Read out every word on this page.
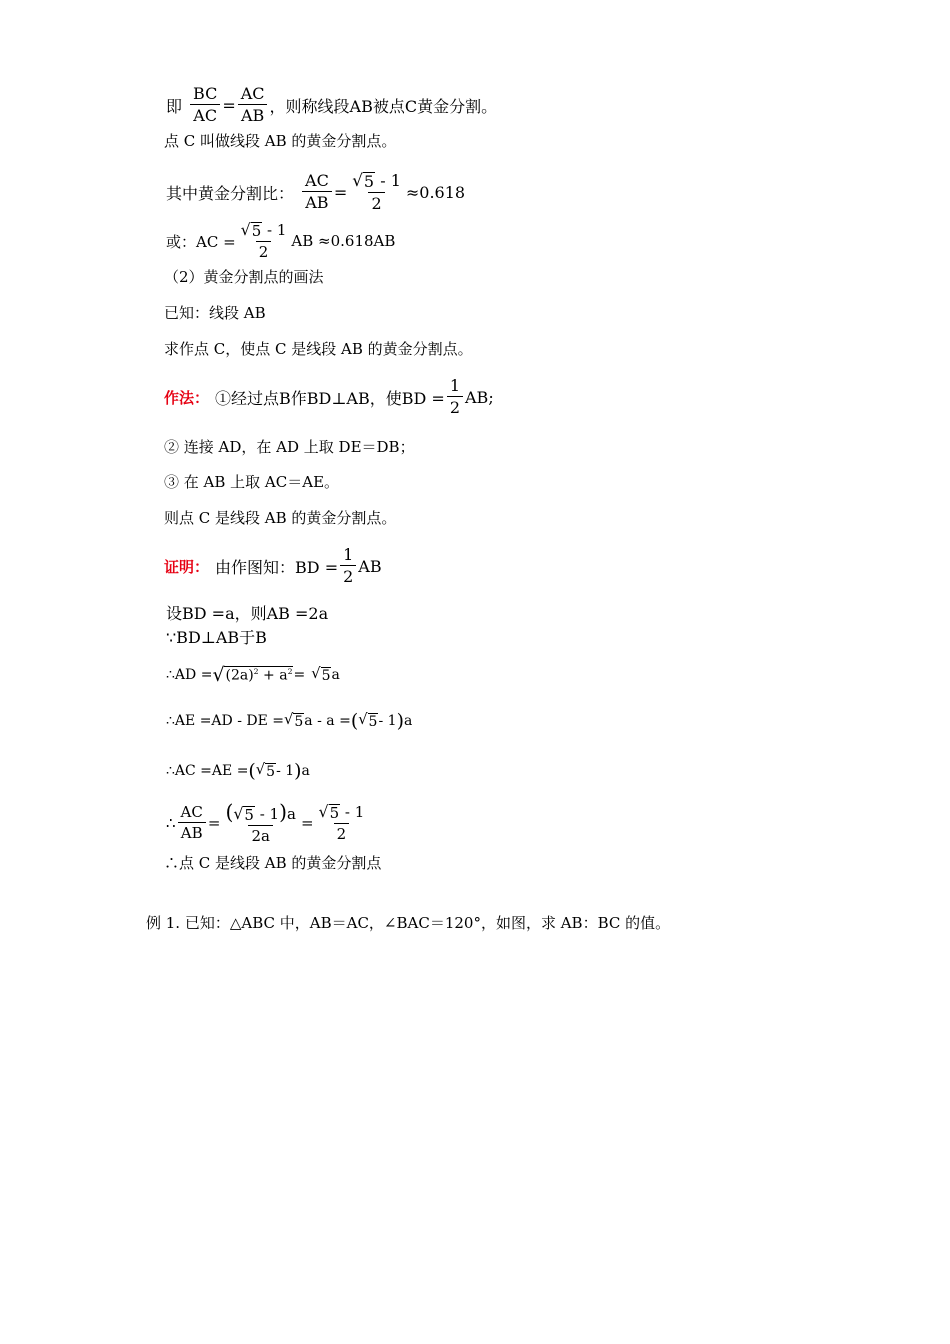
即 $\frac{BC}{AC} = \frac{AC}{AB}$ ，则称线段AB被点C黄金分割。
点 C 叫做线段 AB 的黄金分割点。
其中黄金分割比： $\frac{AC}{AB} = \frac{√ 5 - 1}{2} \approx 0.618$
或：AC = $\frac{√ 5 - 1}{2}$ AB ≈0.618AB
（2）黄金分割点的画法
已知：线段 AB
求作点 C，使点 C 是线段 AB 的黄金分割点。
作法： ①经过点B作BD⊥AB，使BD = $\frac{1}{2}$ AB;
② 连接 AD，在 AD 上取 DE＝DB；
③ 在 AB 上取 AC＝AE。
则点 C 是线段 AB 的黄金分割点。
证明： 由作图知：BD = $\frac{1}{2}$ AB
设BD =a，则AB =2a
∵BD⊥AB于B
∴AD = √ $(2a)^2 + a^2$ = √ 5 a
∴AE =AD - DE = √ 5 a - a = ( √ 5 - 1 ) a
∴AC =AE = ( √ 5 - 1 ) a
∴ $\frac{AC}{AB} = \frac{( √ 5 - 1)a}{2a} = \frac{√ 5 - 1}{2}$
∴点 C 是线段 AB 的黄金分割点
例 1. 已知：△ABC 中，AB＝AC，∠BAC＝120°，如图，求 AB：BC 的值。
